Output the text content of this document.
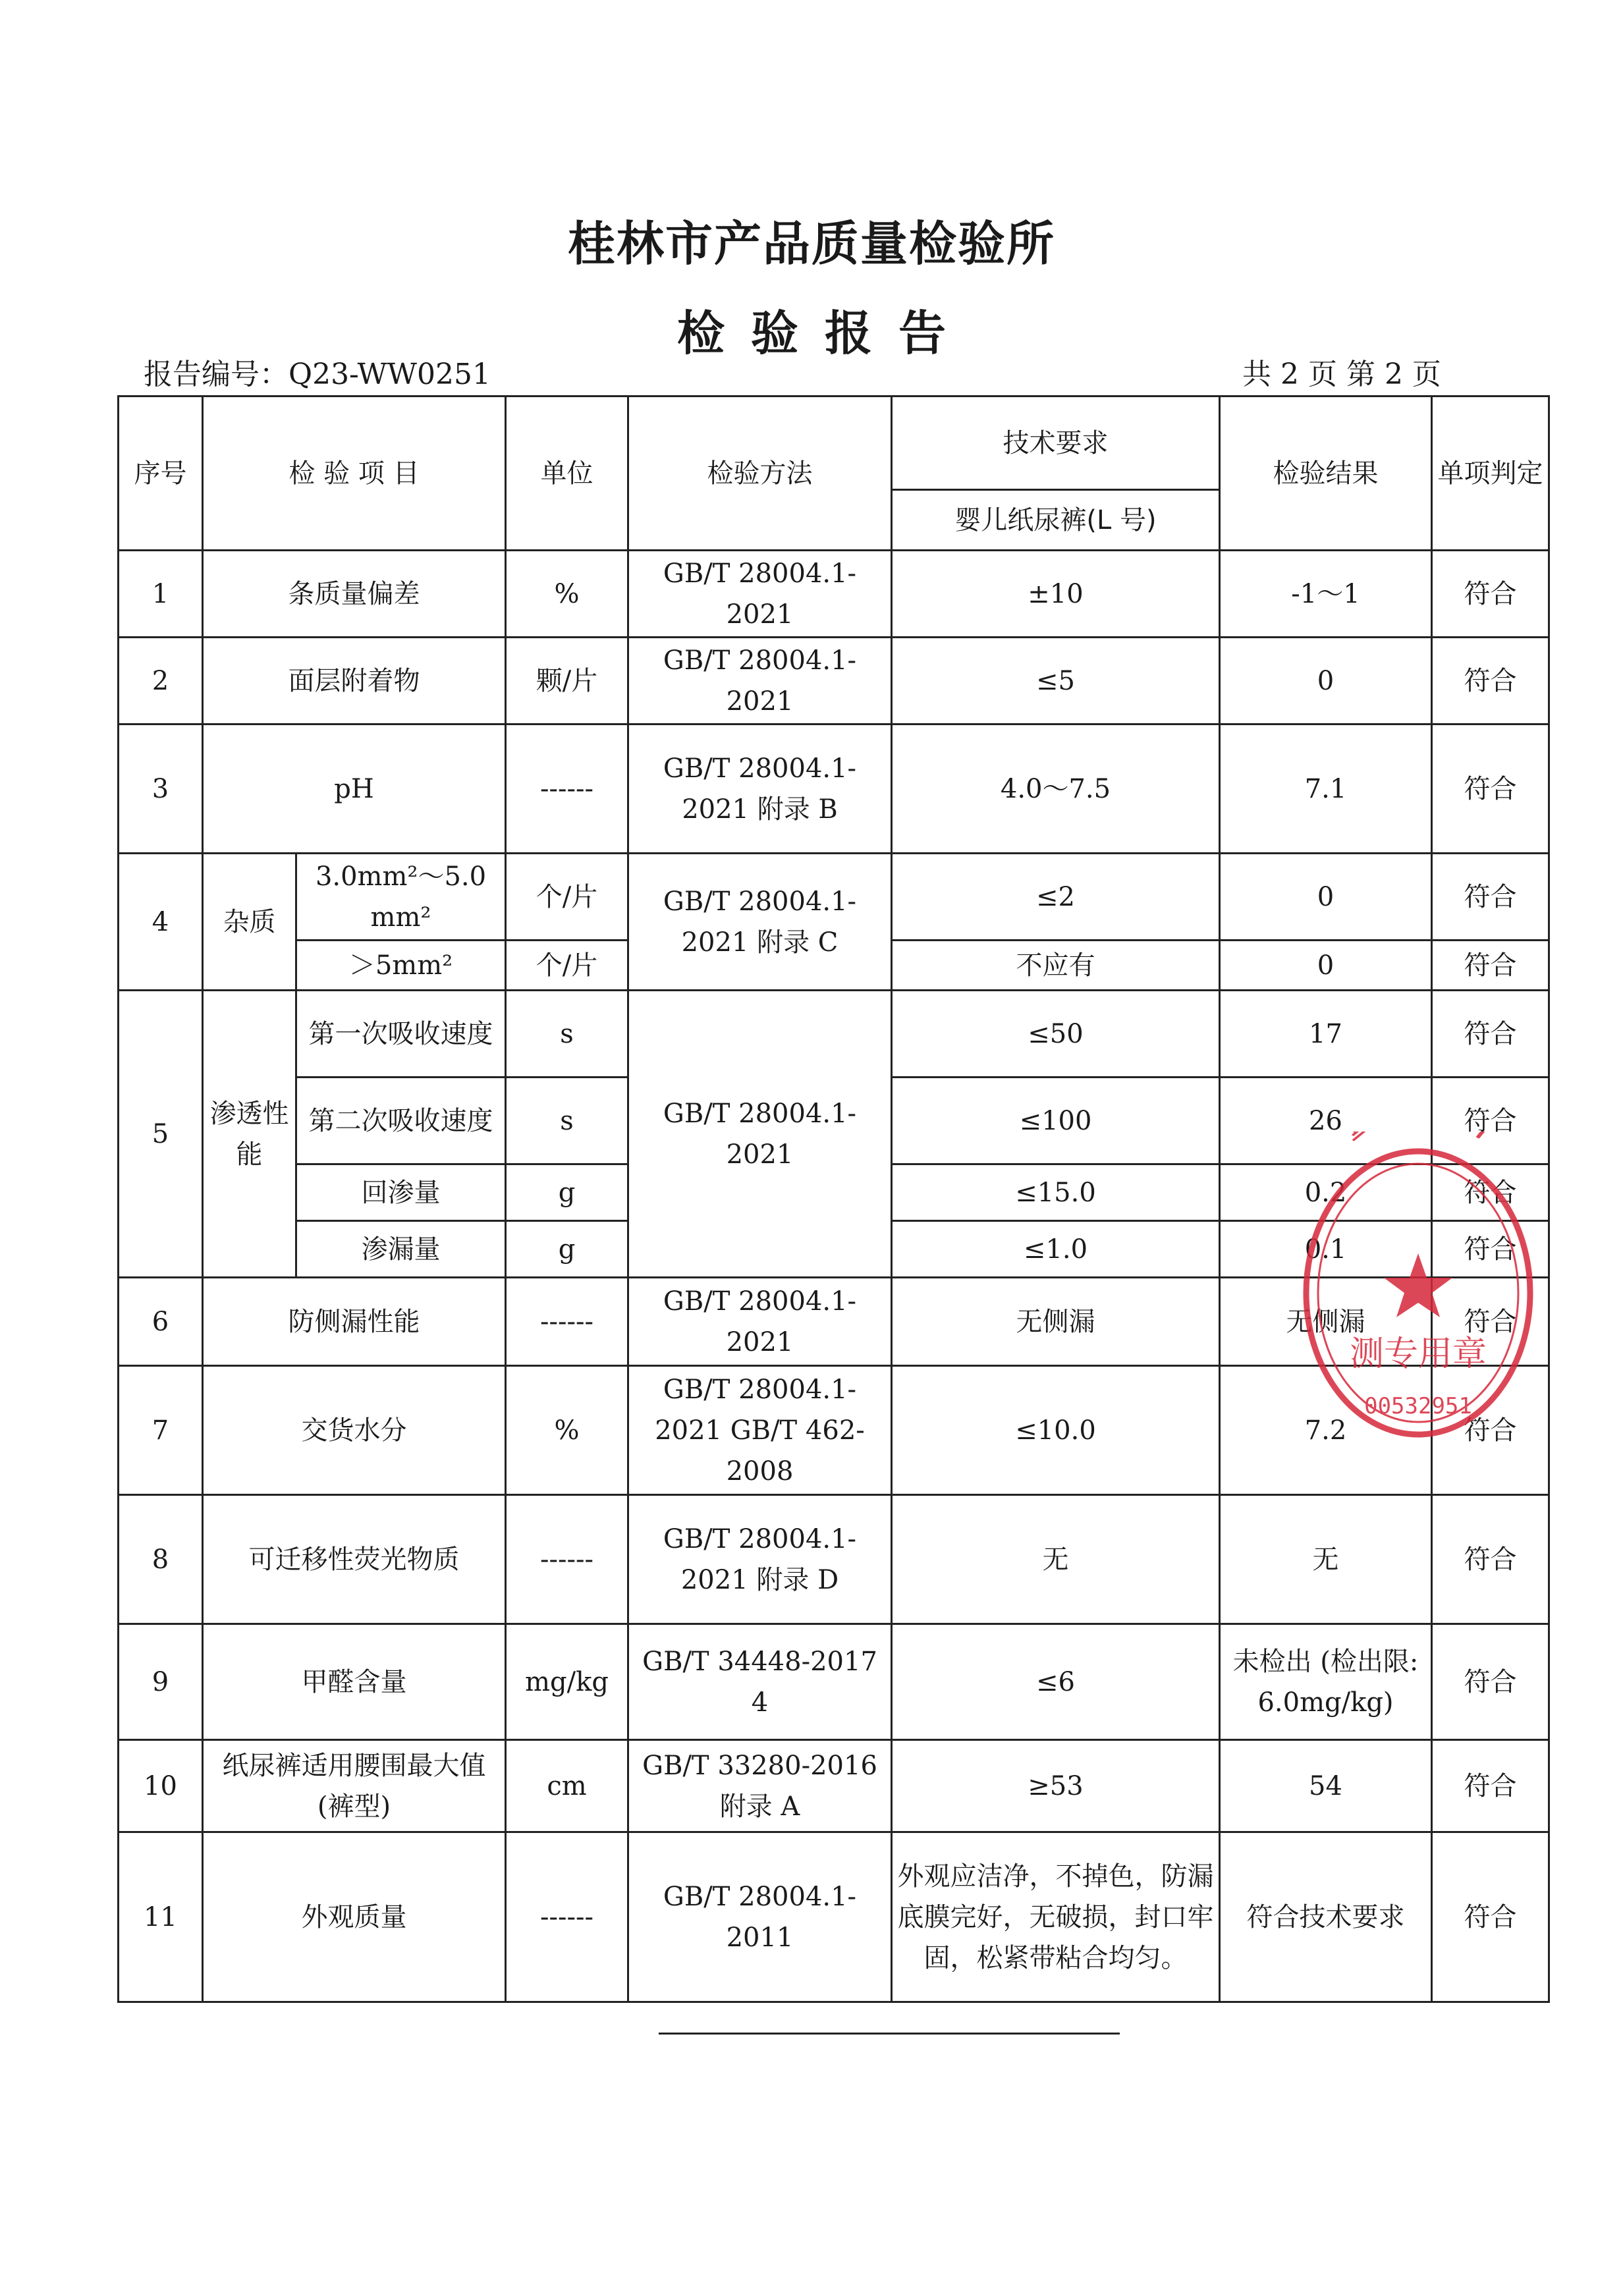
桂林市产品质量检验所
检验报告
报告编号：Q23-WW0251	共 2 页 第 2 页
序号	检 验 项 目		单位	检验方法	技术要求	检验结果	单项判定
					婴儿纸尿裤(L 号)		
1	条质量偏差		%	GB/T 28004.1-2021	±10	-1～1	符合
2	面层附着物		颗/片	GB/T 28004.1-2021	≤5	0	符合
3	pH		------	GB/T 28004.1-2021 附录 B	4.0～7.5	7.1	符合
4	杂质	3.0mm²～5.0 mm²	个/片	GB/T 28004.1-2021 附录 C	≤2	0	符合
		＞5mm²	个/片		不应有	0	符合
5	渗透性能	第一次吸收速度	s	GB/T 28004.1-2021	≤50	17	符合
		第二次吸收速度	s		≤100	26	符合
		回渗量	g		≤15.0	0.2	符合
		渗漏量	g		≤1.0	0.1	符合
6	防侧漏性能		------	GB/T 28004.1-2021	无侧漏	无侧漏	符合
7	交货水分		%	GB/T 28004.1-2021 GB/T 462-2008	≤10.0	7.2	符合
8	可迁移性荧光物质		------	GB/T 28004.1-2021 附录 D	无	无	符合
9	甲醛含量		mg/kg	GB/T 34448-2017 4	≤6	未检出 (检出限: 6.0mg/kg)	符合
10	纸尿裤适用腰围最大值(裤型)		cm	GB/T 33280-2016 附录 A	≥53	54	符合
11	外观质量		------	GB/T 28004.1-2011	外观应洁净，不掉色，防漏底膜完好，无破损，封口牢固，松紧带粘合均匀。	符合技术要求	符合
测专用章
00532951
